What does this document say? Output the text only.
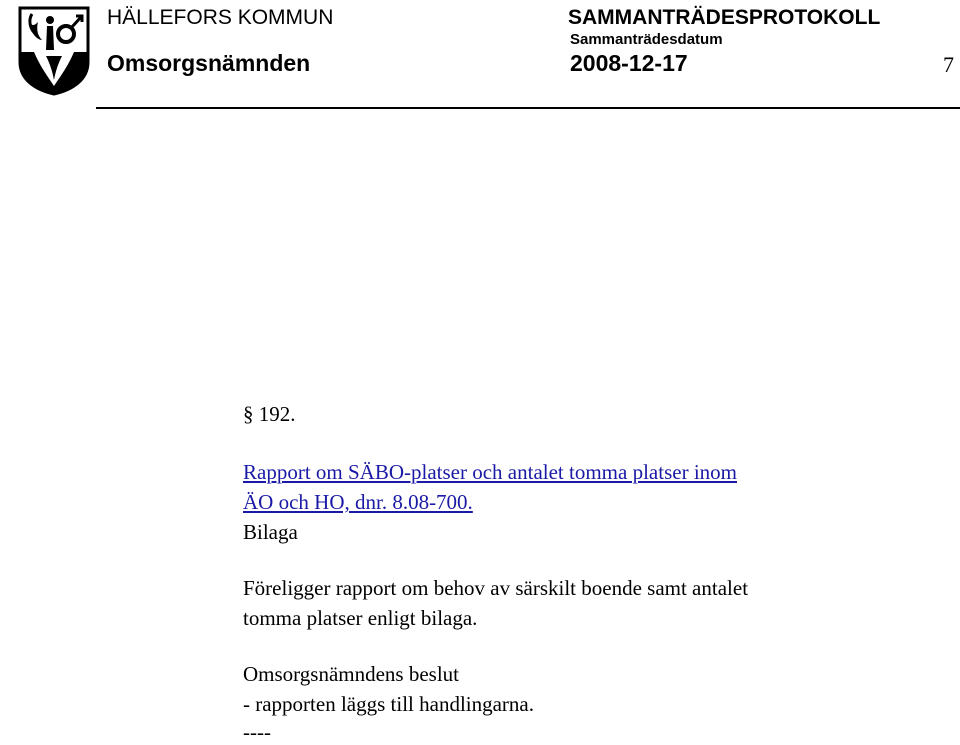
HÄLLEFORS KOMMUN
Omsorgsnämnden
SAMMANTRÄDESPROTOKOLL
Sammanträdesdatum
2008-12-17	7
§ 192.
Rapport om SÄBO-platser och antalet tomma platser inom
ÄO och HO, dnr. 8.08-700.
Bilaga
Föreligger rapport om behov av särskilt boende samt antalet
tomma platser enligt bilaga.
Omsorgsnämndens beslut
- rapporten läggs till handlingarna.
----
